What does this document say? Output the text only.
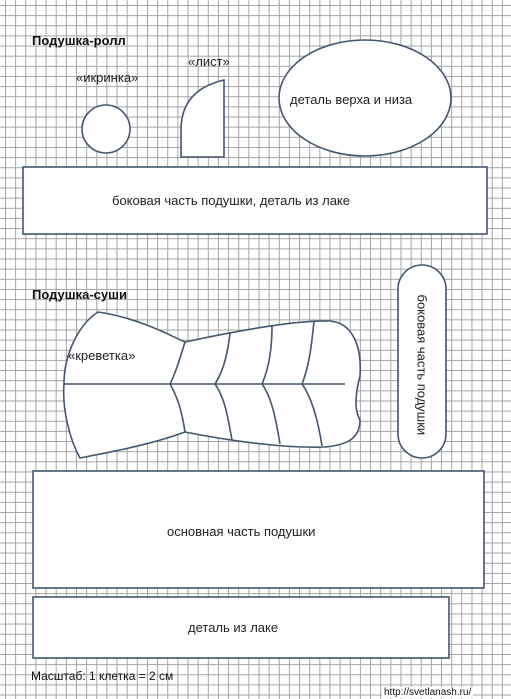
Подушка-ролл
«икринка»
«лист»
деталь верха и низа
боковая часть подушки, деталь из лаке
Подушка-суши
«креветка»	боковая часть подушки
основная часть подушки
деталь из лаке
Масштаб: 1 клетка = 2 см
http://svetlanash.ru/
